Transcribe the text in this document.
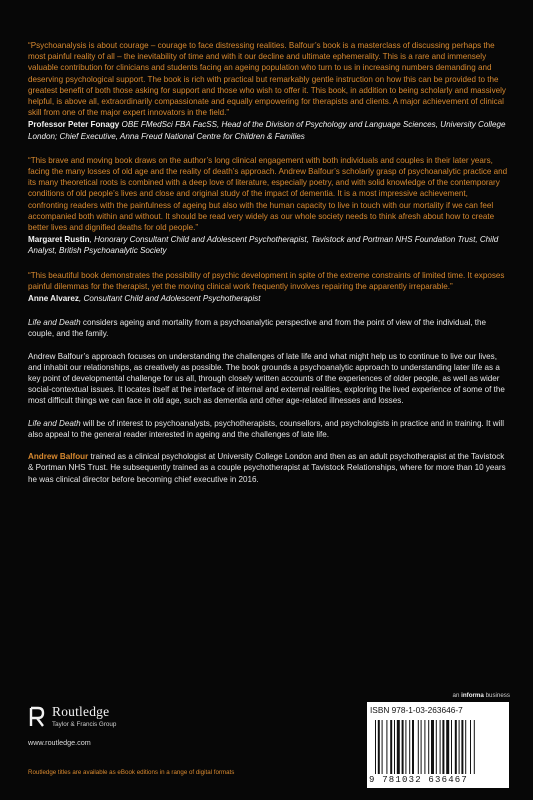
“Psychoanalysis is about courage – courage to face distressing realities. Balfour’s book is a masterclass of discussing perhaps the most painful reality of all – the inevitability of time and with it our decline and ultimate ephemerality. This is a rare and immensely valuable contribution for clinicians and students facing an ageing population who turn to us in increasing numbers demanding and deserving psychological support. The book is rich with practical but remarkably gentle instruction on how this can be provided to the greatest benefit of both those asking for support and those who wish to offer it. This book, in addition to being scholarly and massively helpful, is above all, extraordinarily compassionate and equally empowering for therapists and clients. A major achievement of clinical skill from one of the major expert innovators in the field.”

Professor Peter Fonagy OBE FMedSci FBA FacSS, Head of the Division of Psychology and Language Sciences, University College London; Chief Executive, Anna Freud National Centre for Children & Families

“This brave and moving book draws on the author’s long clinical engagement with both individuals and couples in their later years, facing the many losses of old age and the reality of death’s approach. Andrew Balfour’s scholarly grasp of psychoanalytic practice and its many theoretical roots is combined with a deep love of literature, especially poetry, and with solid knowledge of the contemporary conditions of old people’s lives and close and original study of the impact of dementia. It is a most impressive achievement, confronting readers with the painfulness of ageing but also with the human capacity to live in touch with our mortality if we can feel accompanied both within and without. It should be read very widely as our whole society needs to think afresh about how to create better lives and dignified deaths for old people.”

Margaret Rustin, Honorary Consultant Child and Adolescent Psychotherapist, Tavistock and Portman NHS Foundation Trust, Child Analyst, British Psychoanalytic Society

“This beautiful book demonstrates the possibility of psychic development in spite of the extreme constraints of limited time. It exposes painful dilemmas for the therapist, yet the moving clinical work frequently involves repairing the apparently irreparable.”

Anne Alvarez, Consultant Child and Adolescent Psychotherapist

Life and Death considers ageing and mortality from a psychoanalytic perspective and from the point of view of the individual, the couple, and the family.

Andrew Balfour’s approach focuses on understanding the challenges of late life and what might help us to continue to live our lives, and inhabit our relationships, as creatively as possible. The book grounds a psychoanalytic approach to understanding later life as a key point of developmental challenge for us all, through closely written accounts of the experiences of older people, as well as wider social-contextual issues. It locates itself at the interface of internal and external realities, exploring the lived experience of some of the most difficult things we can face in old age, such as dementia and other age-related illnesses and losses.

Life and Death will be of interest to psychoanalysts, psychotherapists, counsellors, and psychologists in practice and in training. It will also appeal to the general reader interested in ageing and the challenges of late life.

Andrew Balfour trained as a clinical psychologist at University College London and then as an adult psychotherapist at the Tavistock & Portman NHS Trust. He subsequently trained as a couple psychotherapist at Tavistock Relationships, where for more than 10 years he was clinical director before becoming chief executive in 2016.

Routledge
Taylor & Francis Group
www.routledge.com
Routledge titles are available as eBook editions in a range of digital formats
an informa business
ISBN 978-1-03-263646-7
9 781032 636467
